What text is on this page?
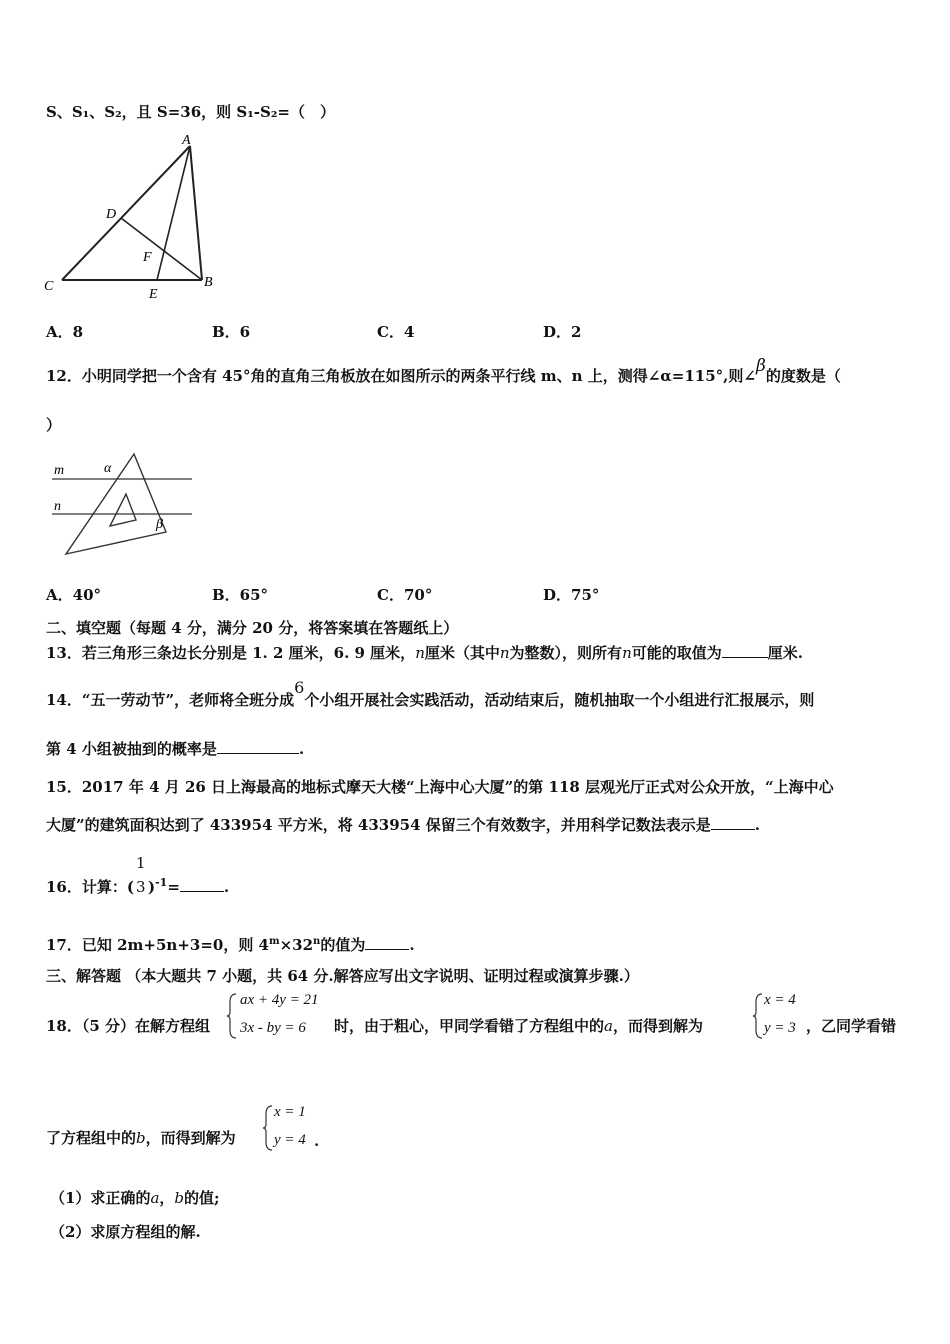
S、S₁、S₂，且 S=36，则 S₁-S₂=（　）
A
D
F
C
E
B
A．8	B．6	C．4	D．2
12．小明同学把一个含有 45°角的直角三角板放在如图所示的两条平行线 m、n 上，测得∠α=115°,则∠β的度数是（
）
m
n
α
β
A．40°	B．65°	C．70°	D．75°
二、填空题（每题 4 分，满分 20 分，将答案填在答题纸上）
13．若三角形三条边长分别是 1. 2 厘米，6. 9 厘米，n厘米（其中n为整数），则所有n可能的取值为	厘米.
14．“五一劳动节”，老师将全班分成6个小组开展社会实践活动，活动结束后，随机抽取一个小组进行汇报展示，则
第 4 小组被抽到的概率是	.
15．2017 年 4 月 26 日上海最高的地标式摩天大楼“上海中心大厦”的第 118 层观光厅正式对公众开放，“上海中心
大厦”的建筑面积达到了 433954 平方米，将 433954 保留三个有效数字，并用科学记数法表示是	.
16．计算：(
1
3 )$^{-1}$=	.
17．已知 2m+5n+3=0，则 $4^m\times 32^n$的值为	.
三、解答题 （本大题共 7 小题，共 64 分.解答应写出文字说明、证明过程或演算步骤.）
18．（5 分）在解方程组
ax + 4y = 21
3x - by = 6 时，由于粗心，甲同学看错了方程组中的a，而得到解为
x = 4
y = 3 ，乙同学看错
了方程组中的b，而得到解为
x = 1
y = 4 .
（1）求正确的a，b的值;
（2）求原方程组的解.
